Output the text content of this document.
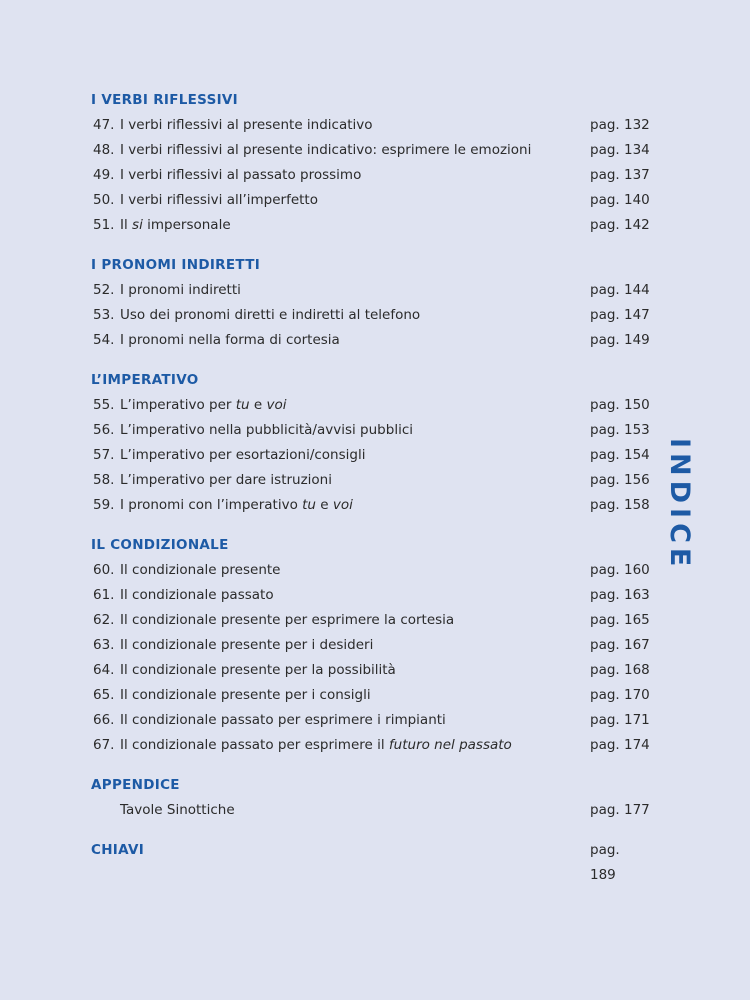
I VERBI RIFLESSIVI
47. I verbi riflessivi al presente indicativo	pag. 132
48. I verbi riflessivi al presente indicativo: esprimere le emozioni	pag. 134
49. I verbi riflessivi al passato prossimo	pag. 137
50. I verbi riflessivi all’imperfetto	pag. 140
51. Il si impersonale	pag. 142
I PRONOMI INDIRETTI
52. I pronomi indiretti	pag. 144
53. Uso dei pronomi diretti e indiretti al telefono	pag. 147
54. I pronomi nella forma di cortesia	pag. 149
L’IMPERATIVO
55. L’imperativo per tu e voi	pag. 150
56. L’imperativo nella pubblicità/avvisi pubblici	pag. 153
57. L’imperativo per esortazioni/consigli	pag. 154
58. L’imperativo per dare istruzioni	pag. 156
59. I pronomi con l’imperativo tu e voi	pag. 158
IL CONDIZIONALE
60. Il condizionale presente	pag. 160
61. Il condizionale passato	pag. 163
62. Il condizionale presente per esprimere la cortesia	pag. 165
63. Il condizionale presente per i desideri	pag. 167
64. Il condizionale presente per la possibilità	pag. 168
65. Il condizionale presente per i consigli	pag. 170
66. Il condizionale passato per esprimere i rimpianti	pag. 171
67. Il condizionale passato per esprimere il futuro nel passato	pag. 174
APPENDICE
Tavole Sinottiche	pag. 177
CHIAVI	pag. 189
INDICE
